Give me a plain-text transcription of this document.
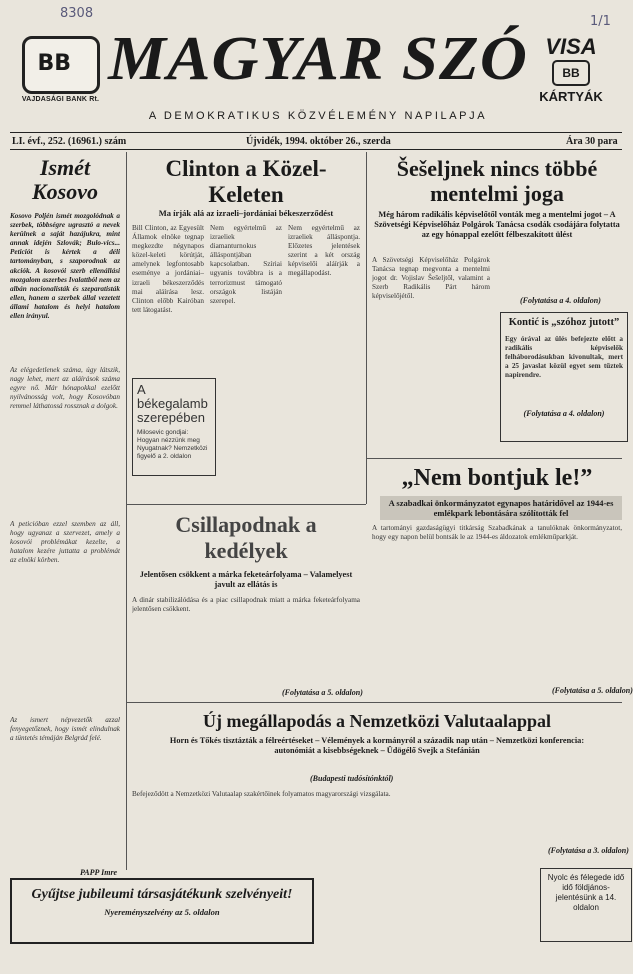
8308
1/1
BB
VAJDASÁGI BANK Rt.
MAGYAR SZÓ
A DEMOKRATIKUS KÖZVÉLEMÉNY NAPILAPJA
VISA
BB
KÁRTYÁK
LI. évf., 252. (16961.) szám	Újvidék, 1994. október 26., szerda	Ára 30 para
Ismét
Kosovo
Kosovo Poljén ismét mozgolódnak a szerbek, többségre ugrasztó a nevek kerülnek a saját hazájukra, mint annak idején Szlovák; Bulo-vics... Peticiót is kértek a déli tartományban, s szaporodnak az akciók. A kosovói szerb ellenállási mozgalom aszerbes Ivalattból nem az albán nacionalisták és szeparatisták ellen, hanem a szerbek állal vezetett állami hatalom és helyi hatalom ellen irányul.
Az elégedetlenek száma, úgy látszik, nagy lehet, mert az aláírások száma egyre nő. Már hónapokkal ezelőtt nyilvánosság volt, hogy Kosovóban remmel láthatossá rossznak a dolgok.
A peticióban ezzel szemben az áll, hogy ugyanaz a szervezet, amely a kosovói problémákat kezelte, a hatalom kezére juttatta a problémát az elnöki körben.
Az ismert népvezetők azzal fenyegetőznek, hogy ismét elindulnak a tüntetés témáján Belgrád felé.
PAPP Imre
Clinton a Közel-Keleten
Ma írják alá az izraeli–jordániai békeszerződést
Bill Clinton, az Egyesült Államok elnöke tegnap megkezdte négynapos közel-keleti körútját, amelynek legfontosabb eseménye a jordániai–izraeli békeszerződés mai aláírása lesz. Clinton előbb Kairóban tett látogatást.
Nem egyértelmű az izraeliek diamanturnokus álláspontjában kapcsolatban. Szíriai ugyanis továbbra is a terrorizmust támogató országok listáján szerepel.
Nem egyértelmű az izraeliek álláspontja. Előzetes jelentések szerint a két ország képviselői aláírják a megállapodást.
A békegalamb szerepében
Milosevic gondjai: Hogyan nézzünk meg Nyugatnak? Nemzetközi figyelő a 2. oldalon
Šešeljnek nincs többé mentelmi joga
Még három radikális képviselőtől vonták meg a mentelmi jogot – A Szövetségi Képviselőház Polgárok Tanácsa csodák csodájára folytatta az egy hónappal ezelőtt félbeszakított ülést
A Szövetségi Képviselőház Polgárok Tanácsa tegnap megvonta a mentelmi jogot dr. Vojislav Šešeljtől, valamint a Szerb Radikális Párt három képviselőjétől.	(Folytatása a 4. oldalon)
Kontić is „szóhoz jutott”
Egy órával az ülés befejezte előtt a radikális képviselők felháborodásukban kivonultak, mert a 25 javaslat közül egyet sem tűztek napirendre.
(Folytatása a 4. oldalon)
„Nem bontjuk le!”
A szabadkai önkormányzatot egynapos határidővel az 1944-es emlékpark lebontására szólították fel
A tartományi gazdaságügyi titkárság Szabadkának a tanulóknak önkormányzatot, hogy egy napon belül bontsák le az 1944-es áldozatok emlékműparkját.
(Folytatása a 5. oldalon)
Csillapodnak a kedélyek
Jelentősen csökkent a márka feketeárfolyama – Valamelyest javult az ellátás is
A dinár stabilizálódása és a piac csillapodnak miatt a márka feketeárfolyama jelentősen csökkent.
(Folytatása a 5. oldalon)
Új megállapodás a Nemzetközi Valutaalappal
Horn és Tőkés tisztázták a félreértéseket – Vélemények a kormányról a századik nap után – Nemzetközi konferencia: autonómiát a kisebbségeknek – Üdögélő Svejk a Stefánián
(Budapesti tudósítónktól)
Befejeződött a Nemzetközi Valutaalap szakértőinek folyamatos magyarországi vizsgálata.
(Folytatása a 3. oldalon)
Gyűjtse jubileumi társasjátékunk szelvényeit!
Nyereményszelvény az 5. oldalon
Nyolc és félegede idő idő földjános-jelentésünk a 14. oldalon
